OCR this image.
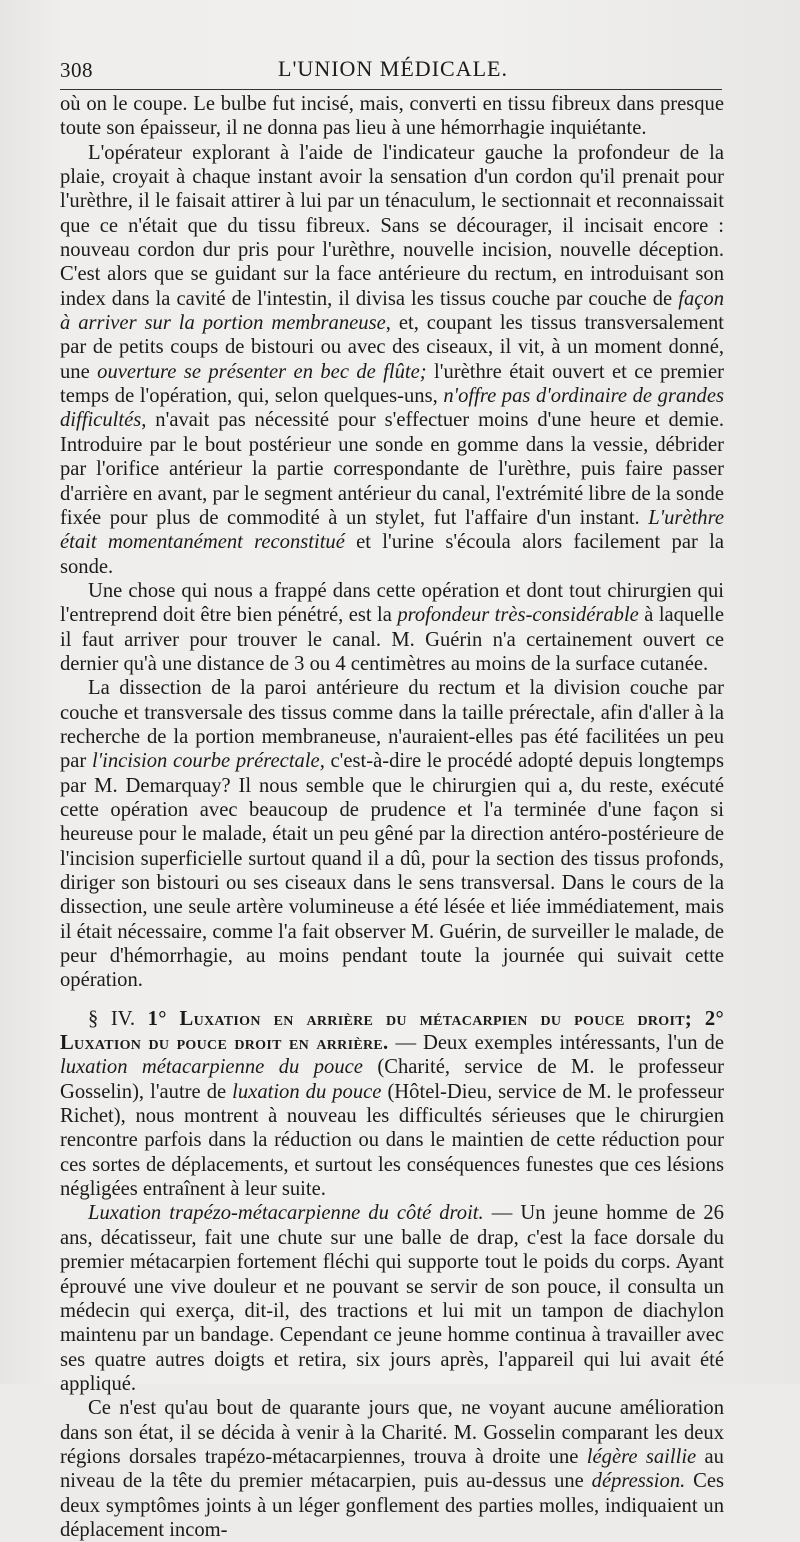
308	L'UNION MÉDICALE.

où on le coupe. Le bulbe fut incisé, mais, converti en tissu fibreux dans presque toute son épaisseur, il ne donna pas lieu à une hémorrhagie inquiétante.

L'opérateur explorant à l'aide de l'indicateur gauche la profondeur de la plaie, croyait à chaque instant avoir la sensation d'un cordon qu'il prenait pour l'urèthre, il le faisait attirer à lui par un ténaculum, le sectionnait et reconnaissait que ce n'était que du tissu fibreux. Sans se décourager, il incisait encore : nouveau cordon dur pris pour l'urèthre, nouvelle incision, nouvelle déception. C'est alors que se guidant sur la face antérieure du rectum, en introduisant son index dans la cavité de l'intestin, il divisa les tissus couche par couche de façon à arriver sur la portion membraneuse, et, coupant les tissus transversalement par de petits coups de bistouri ou avec des ciseaux, il vit, à un moment donné, une ouverture se présenter en bec de flûte; l'urèthre était ouvert et ce premier temps de l'opération, qui, selon quelques-uns, n'offre pas d'ordinaire de grandes difficultés, n'avait pas nécessité pour s'effectuer moins d'une heure et demie. Introduire par le bout postérieur une sonde en gomme dans la vessie, débrider par l'orifice antérieur la partie correspondante de l'urèthre, puis faire passer d'arrière en avant, par le segment antérieur du canal, l'extrémité libre de la sonde fixée pour plus de commodité à un stylet, fut l'affaire d'un instant. L'urèthre était momentanément reconstitué et l'urine s'écoula alors facilement par la sonde.

Une chose qui nous a frappé dans cette opération et dont tout chirurgien qui l'entreprend doit être bien pénétré, est la profondeur très-considérable à laquelle il faut arriver pour trouver le canal. M. Guérin n'a certainement ouvert ce dernier qu'à une distance de 3 ou 4 centimètres au moins de la surface cutanée.

La dissection de la paroi antérieure du rectum et la division couche par couche et transversale des tissus comme dans la taille prérectale, afin d'aller à la recherche de la portion membraneuse, n'auraient-elles pas été facilitées un peu par l'incision courbe prérectale, c'est-à-dire le procédé adopté depuis longtemps par M. Demarquay? Il nous semble que le chirurgien qui a, du reste, exécuté cette opération avec beaucoup de prudence et l'a terminée d'une façon si heureuse pour le malade, était un peu gêné par la direction antéro-postérieure de l'incision superficielle surtout quand il a dû, pour la section des tissus profonds, diriger son bistouri ou ses ciseaux dans le sens transversal. Dans le cours de la dissection, une seule artère volumineuse a été lésée et liée immédiatement, mais il était nécessaire, comme l'a fait observer M. Guérin, de surveiller le malade, de peur d'hémorrhagie, au moins pendant toute la journée qui suivait cette opération.

§ IV. 1° Luxation en arrière du métacarpien du pouce droit; 2° Luxation du pouce droit en arrière. — Deux exemples intéressants, l'un de luxation métacarpienne du pouce (Charité, service de M. le professeur Gosselin), l'autre de luxation du pouce (Hôtel-Dieu, service de M. le professeur Richet), nous montrent à nouveau les difficultés sérieuses que le chirurgien rencontre parfois dans la réduction ou dans le maintien de cette réduction pour ces sortes de déplacements, et surtout les conséquences funestes que ces lésions négligées entraînent à leur suite.

Luxation trapézo-métacarpienne du côté droit. — Un jeune homme de 26 ans, décatisseur, fait une chute sur une balle de drap, c'est la face dorsale du premier métacarpien fortement fléchi qui supporte tout le poids du corps. Ayant éprouvé une vive douleur et ne pouvant se servir de son pouce, il consulta un médecin qui exerça, dit-il, des tractions et lui mit un tampon de diachylon maintenu par un bandage. Cependant ce jeune homme continua à travailler avec ses quatre autres doigts et retira, six jours après, l'appareil qui lui avait été appliqué.

Ce n'est qu'au bout de quarante jours que, ne voyant aucune amélioration dans son état, il se décida à venir à la Charité. M. Gosselin comparant les deux régions dorsales trapézo-métacarpiennes, trouva à droite une légère saillie au niveau de la tête du premier métacarpien, puis au-dessus une dépression. Ces deux symptômes joints à un léger gonflement des parties molles, indiquaient un déplacement incom-
